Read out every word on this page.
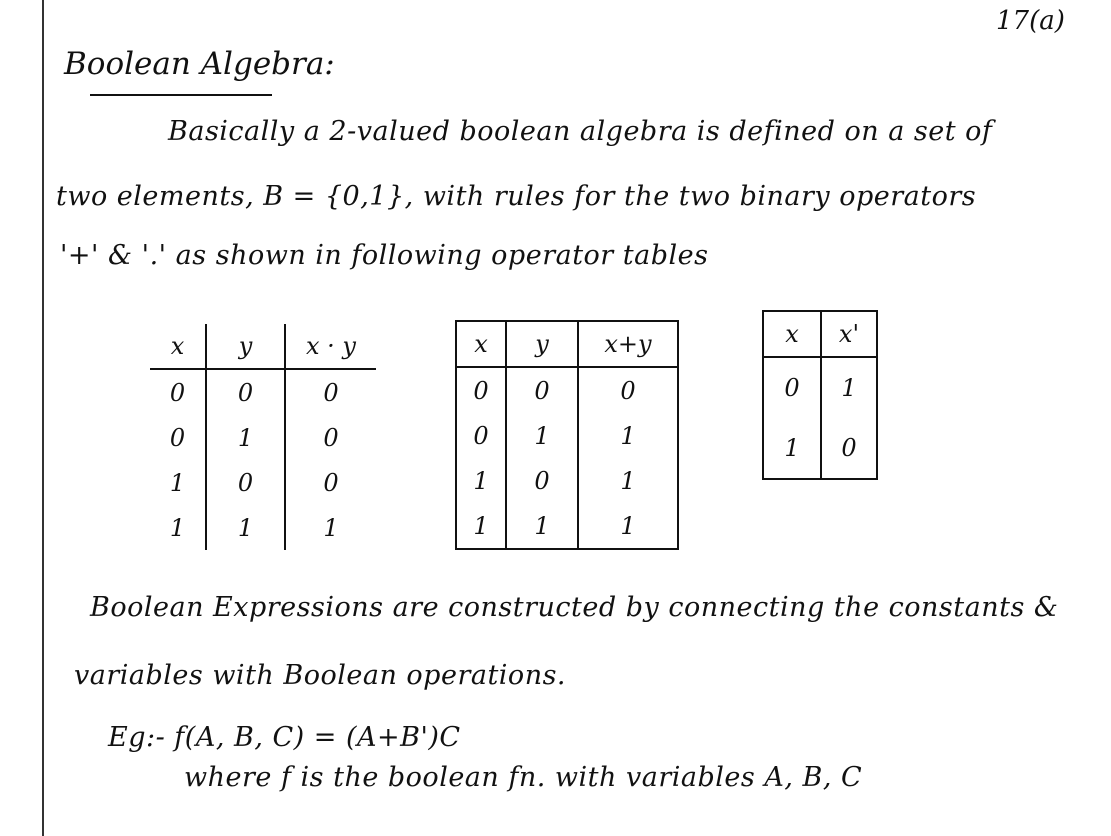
17(a)
Boolean Algebra:
Basically a 2-valued boolean algebra is defined on a set of
two elements, B = {0,1}, with rules for the two binary operators
'+' & '.' as shown in following operator tables
x	y	x · y
0	0	0
0	1	0
1	0	0
1	1	1
x	y	x+y
0	0	0
0	1	1
1	0	1
1	1	1
x	x'
0	1
1	0
Boolean Expressions are constructed by connecting the constants &
variables with Boolean operations.
Eg:- f(A, B, C) = (A+B')C
where f is the boolean fn. with variables A, B, C
